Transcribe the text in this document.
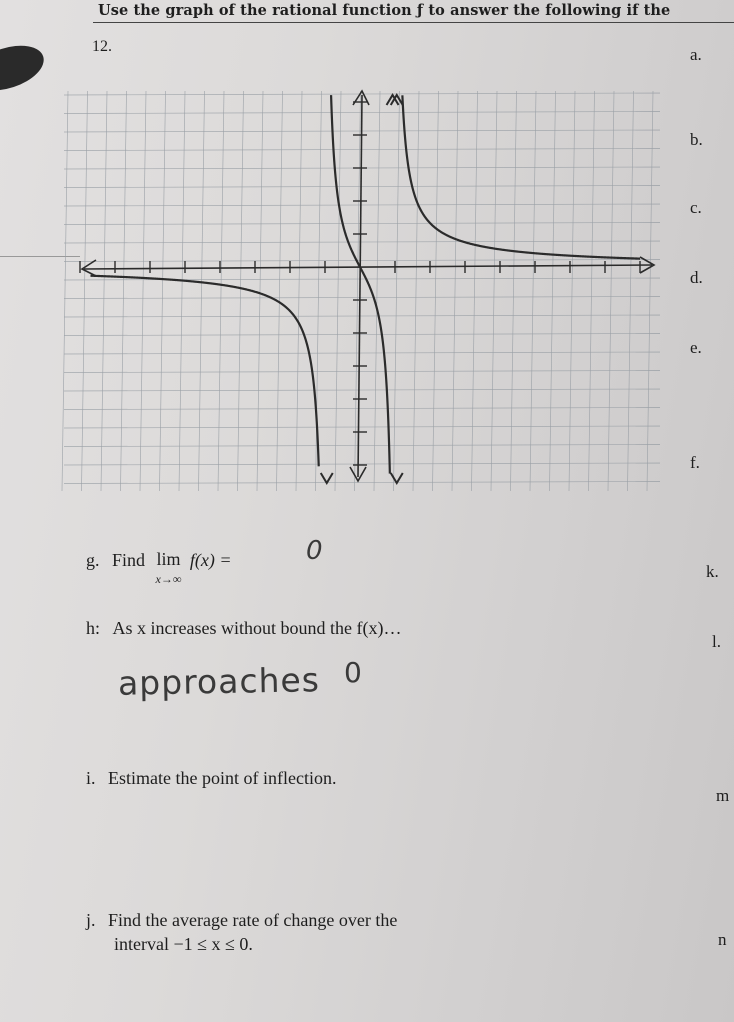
Use the graph of the rational function ƒ to answer the following if the
12.	a.
b.
c.
d.
e.
f.
k.
l.
m
n
g. Find lim
x→∞ f(x) =	0
h: As x increases without bound the f(x)…
approaches 0
i. Estimate the point of inflection.
j. Find the average rate of change over the
interval −1 ≤ x ≤ 0.
